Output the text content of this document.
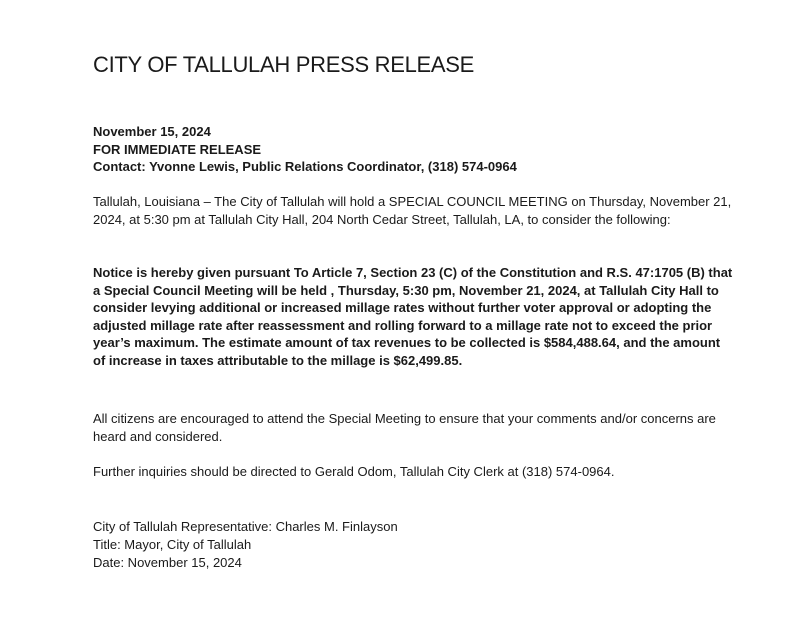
CITY OF TALLULAH PRESS RELEASE
November 15, 2024
FOR IMMEDIATE RELEASE
Contact: Yvonne Lewis, Public Relations Coordinator, (318) 574-0964
Tallulah, Louisiana – The City of Tallulah will hold a SPECIAL COUNCIL MEETING on Thursday, November 21, 2024, at 5:30 pm at Tallulah City Hall, 204 North Cedar Street, Tallulah, LA, to consider the following:
Notice is hereby given pursuant To Article 7, Section 23 (C) of the Constitution and R.S. 47:1705 (B) that a Special Council Meeting will be held , Thursday, 5:30 pm, November 21, 2024, at Tallulah City Hall to consider levying additional or increased millage rates without further voter approval or adopting the adjusted millage rate after reassessment and rolling forward to a millage rate not to exceed the prior year’s maximum. The estimate amount of tax revenues to be collected is $584,488.64, and the amount of increase in taxes attributable to the millage is $62,499.85.
All citizens are encouraged to attend the Special Meeting to ensure that your comments and/or concerns are heard and considered.
Further inquiries should be directed to Gerald Odom, Tallulah City Clerk at (318) 574-0964.
City of Tallulah Representative: Charles M. Finlayson
Title: Mayor, City of Tallulah
Date: November 15, 2024
